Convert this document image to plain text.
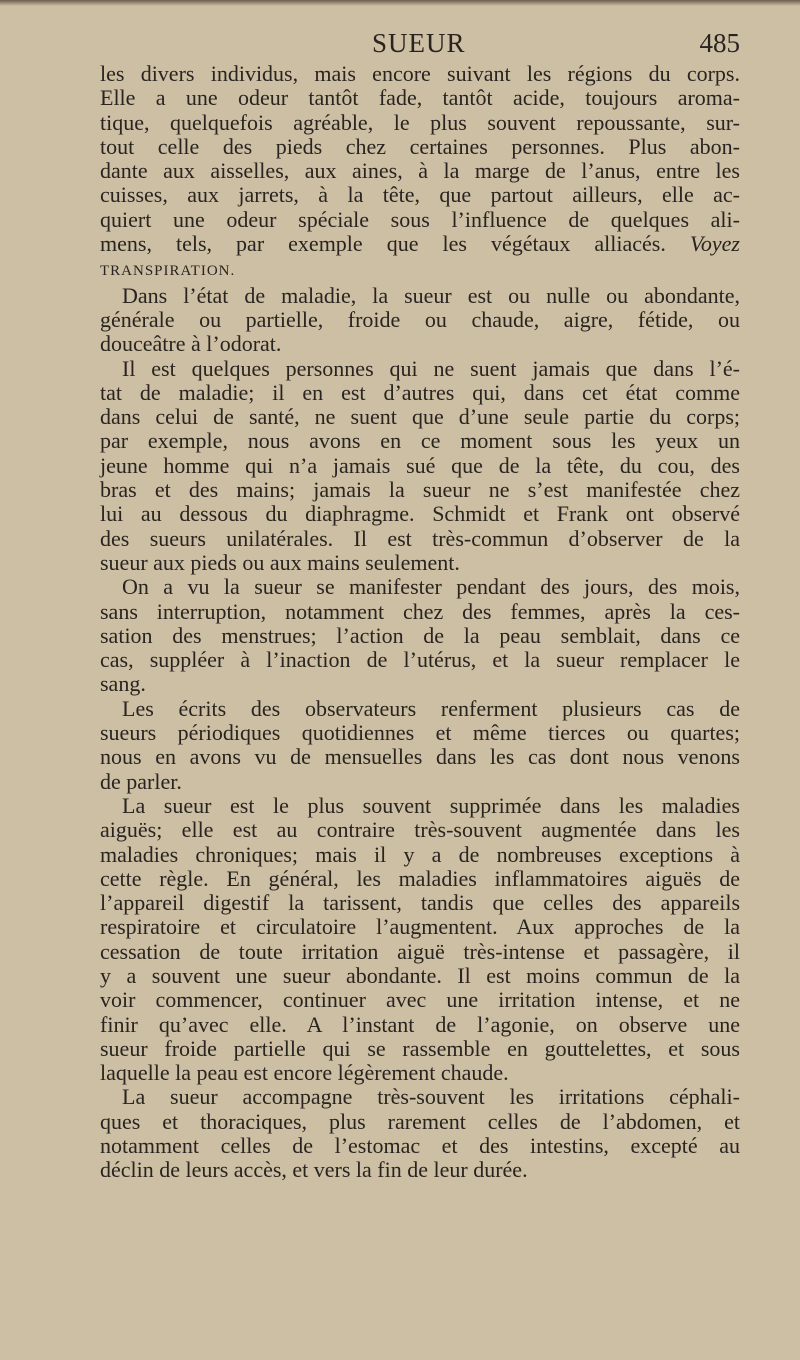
SUEUR	485
les divers individus, mais encore suivant les régions du corps.
Elle a une odeur tantôt fade, tantôt acide, toujours aroma-
tique, quelquefois agréable, le plus souvent repoussante, sur-
tout celle des pieds chez certaines personnes. Plus abon-
dante aux aisselles, aux aines, à la marge de l’anus, entre les
cuisses, aux jarrets, à la tête, que partout ailleurs, elle ac-
quiert une odeur spéciale sous l’influence de quelques ali-
mens, tels, par exemple que les végétaux alliacés. Voyez
TRANSPIRATION.
Dans l’état de maladie, la sueur est ou nulle ou abondante,
générale ou partielle, froide ou chaude, aigre, fétide, ou
douceâtre à l’odorat.
Il est quelques personnes qui ne suent jamais que dans l’é-
tat de maladie; il en est d’autres qui, dans cet état comme
dans celui de santé, ne suent que d’une seule partie du corps;
par exemple, nous avons en ce moment sous les yeux un
jeune homme qui n’a jamais sué que de la tête, du cou, des
bras et des mains; jamais la sueur ne s’est manifestée chez
lui au dessous du diaphragme. Schmidt et Frank ont observé
des sueurs unilatérales. Il est très-commun d’observer de la
sueur aux pieds ou aux mains seulement.
On a vu la sueur se manifester pendant des jours, des mois,
sans interruption, notamment chez des femmes, après la ces-
sation des menstrues; l’action de la peau semblait, dans ce
cas, suppléer à l’inaction de l’utérus, et la sueur remplacer le
sang.
Les écrits des observateurs renferment plusieurs cas de
sueurs périodiques quotidiennes et même tierces ou quartes;
nous en avons vu de mensuelles dans les cas dont nous venons
de parler.
La sueur est le plus souvent supprimée dans les maladies
aiguës; elle est au contraire très-souvent augmentée dans les
maladies chroniques; mais il y a de nombreuses exceptions à
cette règle. En général, les maladies inflammatoires aiguës de
l’appareil digestif la tarissent, tandis que celles des appareils
respiratoire et circulatoire l’augmentent. Aux approches de la
cessation de toute irritation aiguë très-intense et passagère, il
y a souvent une sueur abondante. Il est moins commun de la
voir commencer, continuer avec une irritation intense, et ne
finir qu’avec elle. A l’instant de l’agonie, on observe une
sueur froide partielle qui se rassemble en gouttelettes, et sous
laquelle la peau est encore légèrement chaude.
La sueur accompagne très-souvent les irritations céphali-
ques et thoraciques, plus rarement celles de l’abdomen, et
notamment celles de l’estomac et des intestins, excepté au
déclin de leurs accès, et vers la fin de leur durée.
